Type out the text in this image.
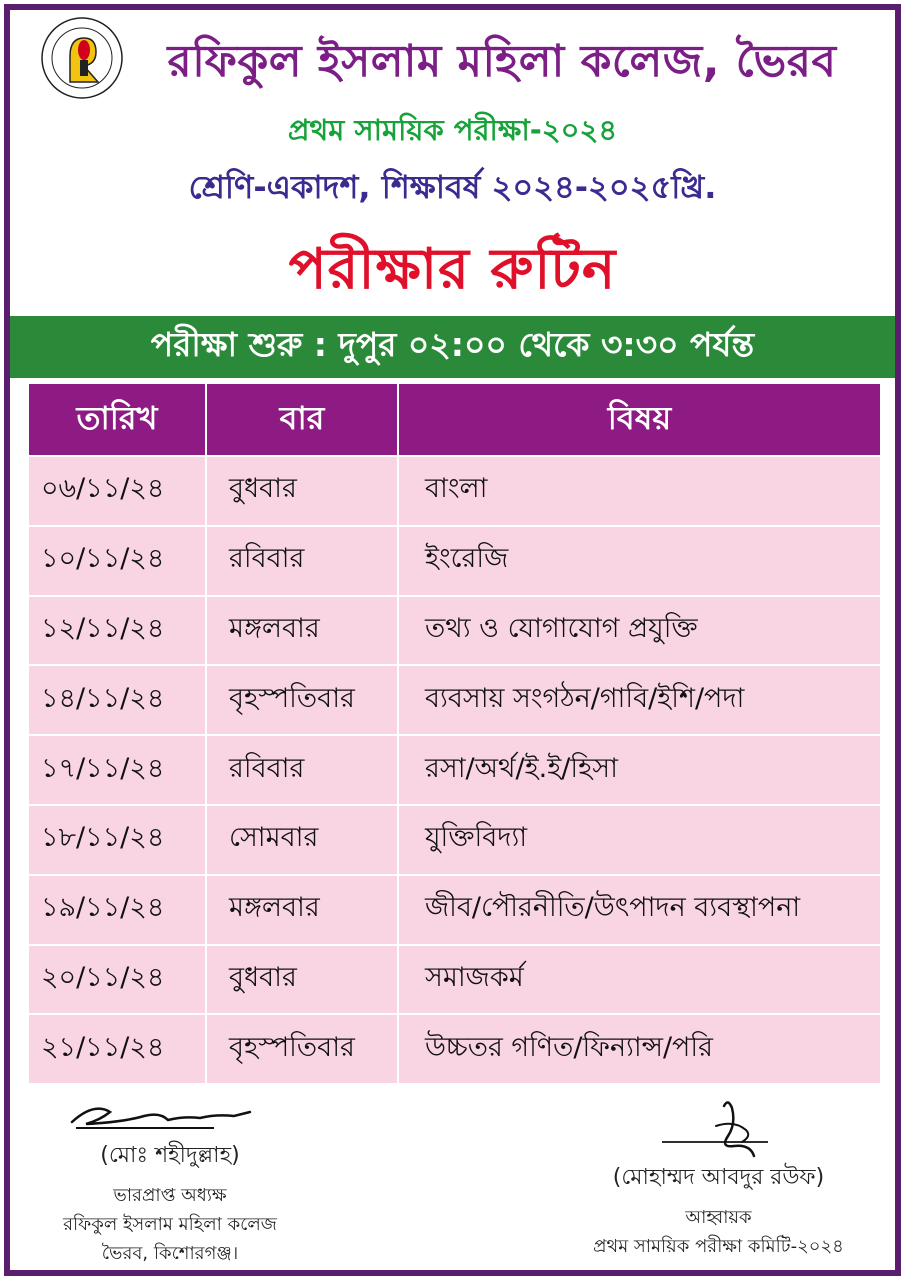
রফিকুল ইসলাম মহিলা কলেজ, ভৈরব
প্রথম সাময়িক পরীক্ষা-২০২৪
শ্রেণি-একাদশ, শিক্ষাবর্ষ ২০২৪-২০২৫খ্রি.
পরীক্ষার রুটিন
পরীক্ষা শুরু : দুপুর ০২:০০ থেকে ৩:৩০ পর্যন্ত
তারিখ	বার	বিষয়
০৬/১১/২৪	বুধবার	বাংলা
১০/১১/২৪	রবিবার	ইংরেজি
১২/১১/২৪	মঙ্গলবার	তথ্য ও যোগাযোগ প্রযুক্তি
১৪/১১/২৪	বৃহস্পতিবার	ব্যবসায় সংগঠন/গাবি/ইশি/পদা
১৭/১১/২৪	রবিবার	রসা/অর্থ/ই.ই/হিসা
১৮/১১/২৪	সোমবার	যুক্তিবিদ্যা
১৯/১১/২৪	মঙ্গলবার	জীব/পৌরনীতি/উৎপাদন ব্যবস্থাপনা
২০/১১/২৪	বুধবার	সমাজকর্ম
২১/১১/২৪	বৃহস্পতিবার	উচ্চতর গণিত/ফিন্যান্স/পরি
(মোঃ শহীদুল্লাহ)
ভারপ্রাপ্ত অধ্যক্ষ
রফিকুল ইসলাম মহিলা কলেজ
ভৈরব, কিশোরগঞ্জ।
(মোহাম্মদ আবদুর রউফ)
আহ্বায়ক
প্রথম সাময়িক পরীক্ষা কমিটি-২০২৪
